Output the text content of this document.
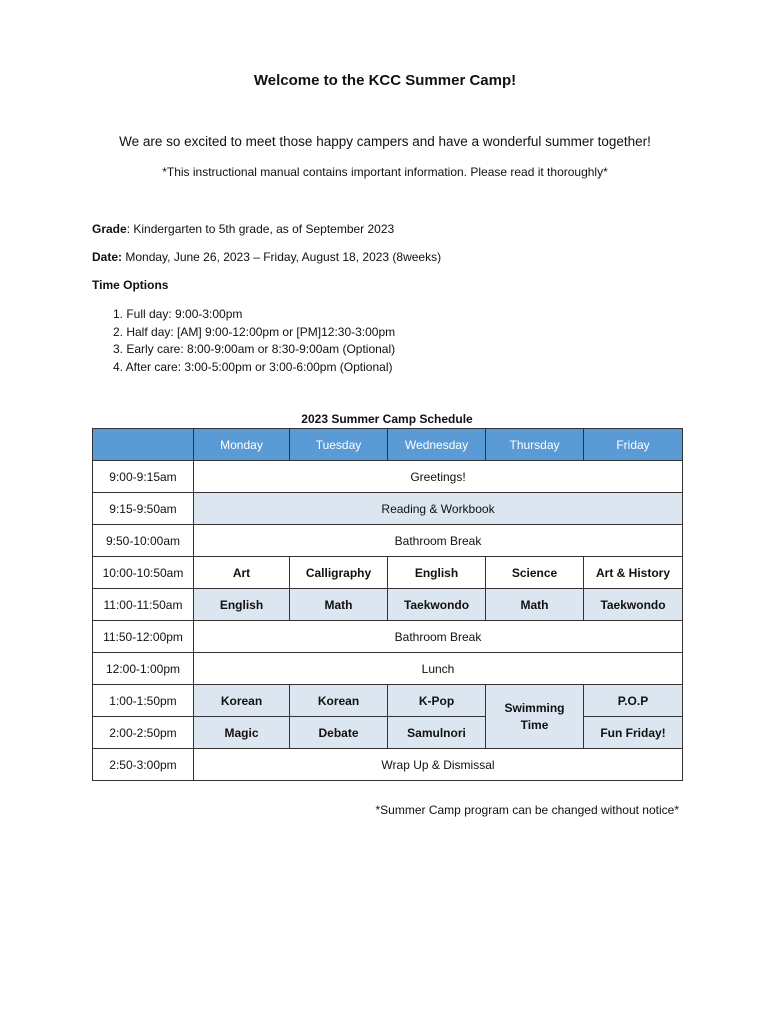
Welcome to the KCC Summer Camp!
We are so excited to meet those happy campers and have a wonderful summer together!
*This instructional manual contains important information. Please read it thoroughly*
Grade: Kindergarten to 5th grade, as of September 2023
Date: Monday, June 26, 2023 – Friday, August 18, 2023 (8weeks)
Time Options
1. Full day: 9:00-3:00pm
2. Half day: [AM] 9:00-12:00pm or [PM]12:30-3:00pm
3. Early care: 8:00-9:00am or 8:30-9:00am (Optional)
4. After care: 3:00-5:00pm or 3:00-6:00pm (Optional)
2023 Summer Camp Schedule
	Monday	Tuesday	Wednesday	Thursday	Friday
9:00-9:15am	Greetings!				
9:15-9:50am	Reading & Workbook				
9:50-10:00am	Bathroom Break				
10:00-10:50am	Art	Calligraphy	English	Science	Art & History
11:00-11:50am	English	Math	Taekwondo	Math	Taekwondo
11:50-12:00pm	Bathroom Break				
12:00-1:00pm	Lunch				
1:00-1:50pm	Korean	Korean	K-Pop	Swimming Time	P.O.P
2:00-2:50pm	Magic	Debate	Samulnori		Fun Friday!
2:50-3:00pm	Wrap Up & Dismissal				
*Summer Camp program can be changed without notice*
